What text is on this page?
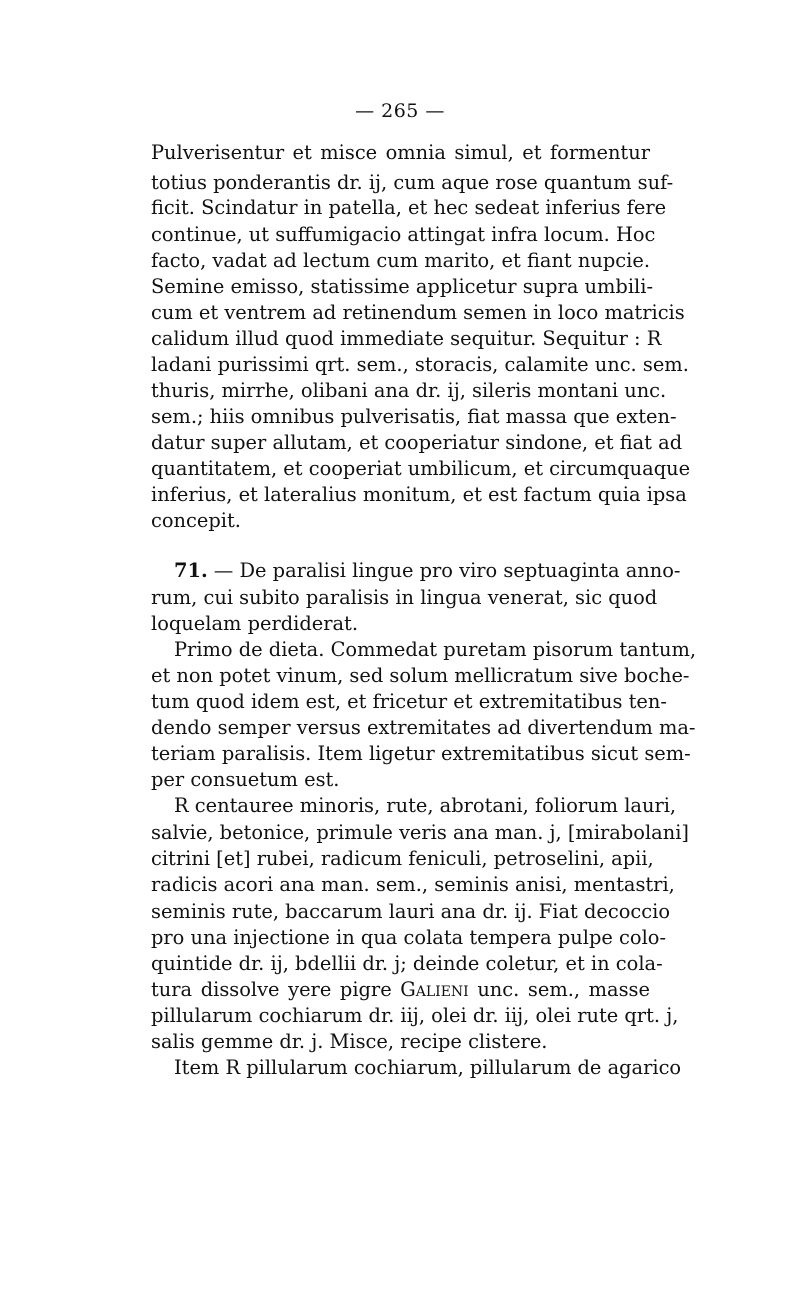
— 265 —
Pulverisentur et misce omnia simul, et formentur
totius ponderantis dr. ij, cum aque rose quantum suf-
ficit. Scindatur in patella, et hec sedeat inferius fere
continue, ut suffumigacio attingat infra locum. Hoc
facto, vadat ad lectum cum marito, et fiant nupcie.
Semine emisso, statissime applicetur supra umbili-
cum et ventrem ad retinendum semen in loco matricis
calidum illud quod immediate sequitur. Sequitur : R
ladani purissimi qrt. sem., storacis, calamite unc. sem.
thuris, mirrhe, olibani ana dr. ij, sileris montani unc.
sem.; hiis omnibus pulverisatis, fiat massa que exten-
datur super allutam, et cooperiatur sindone, et fiat ad
quantitatem, et cooperiat umbilicum, et circumquaque
inferius, et lateralius monitum, et est factum quia ipsa
concepit.
71. — De paralisi lingue pro viro septuaginta anno-
rum, cui subito paralisis in lingua venerat, sic quod
loquelam perdiderat.
Primo de dieta. Commedat puretam pisorum tantum,
et non potet vinum, sed solum mellicratum sive boche-
tum quod idem est, et fricetur et extremitatibus ten-
dendo semper versus extremitates ad divertendum ma-
teriam paralisis. Item ligetur extremitatibus sicut sem-
per consuetum est.
R centauree minoris, rute, abrotani, foliorum lauri,
salvie, betonice, primule veris ana man. j, [mirabolani]
citrini [et] rubei, radicum feniculi, petroselini, apii,
radicis acori ana man. sem., seminis anisi, mentastri,
seminis rute, baccarum lauri ana dr. ij. Fiat decoccio
pro una injectione in qua colata tempera pulpe colo-
quintide dr. ij, bdellii dr. j; deinde coletur, et in cola-
tura dissolve yere pigre Galieni unc. sem., masse
pillularum cochiarum dr. iij, olei dr. iij, olei rute qrt. j,
salis gemme dr. j. Misce, recipe clistere.
Item R pillularum cochiarum, pillularum de agarico
